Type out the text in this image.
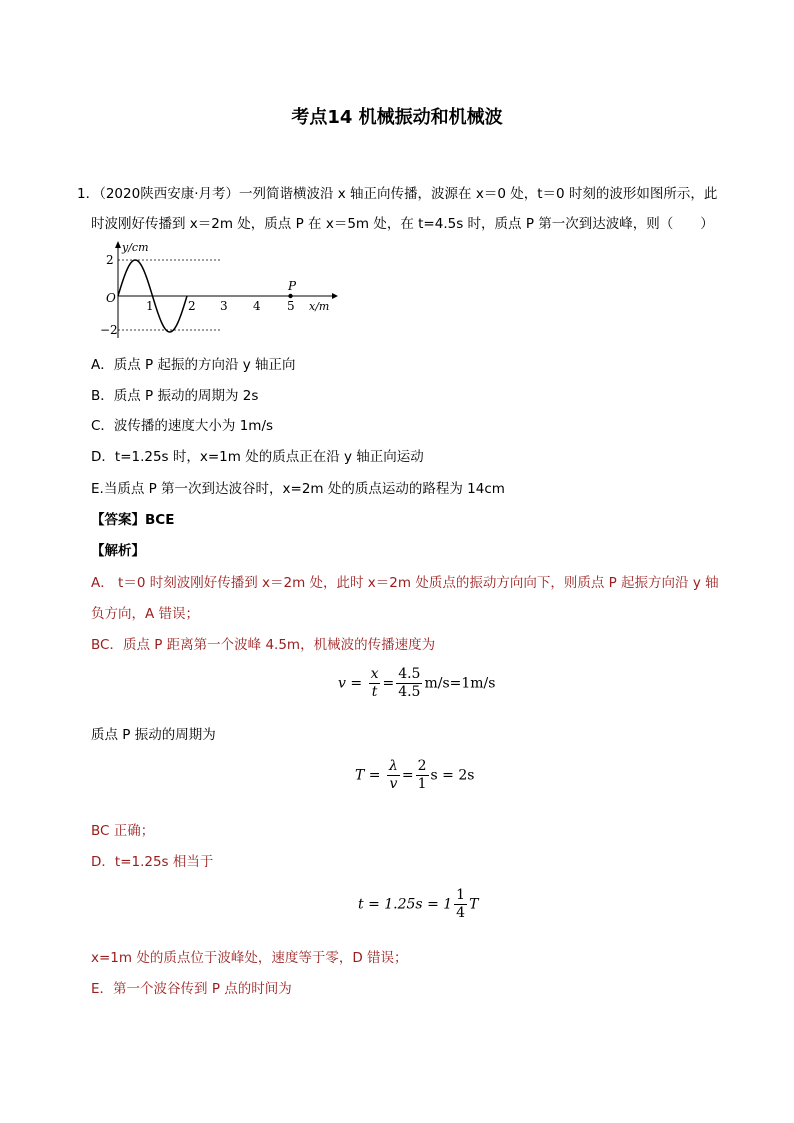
考点14 机械振动和机械波
1．（2020陕西安康·月考）一列简谐横波沿 x 轴正向传播，波源在 x＝0 处，t＝0 时刻的波形如图所示，此
时波刚好传播到 x＝2m 处，质点 P 在 x＝5m 处，在 t=4.5s 时，质点 P 第一次到达波峰，则（　　）
y/cm
x/m
O
2
−2
1	2 3 4 5
P
A．质点 P 起振的方向沿 y 轴正向
B．质点 P 振动的周期为 2s
C．波传播的速度大小为 1m/s
D．t=1.25s 时，x=1m 处的质点正在沿 y 轴正向运动
E.当质点 P 第一次到达波谷时，x=2m 处的质点运动的路程为 14cm
【答案】BCE
【解析】
A． t＝0 时刻波刚好传播到 x＝2m 处，此时 x＝2m 处质点的振动方向向下，则质点 P 起振方向沿 y 轴
负方向，A 错误；
BC．质点 P 距离第一个波峰 4.5m，机械波的传播速度为
$v = \frac{x}{t} = \frac{4.5}{4.5} m/s=1m/s$
质点 P 振动的周期为
$T = \frac{\lambda}{v} = \frac{2}{1}$ s = 2s
BC 正确；
D．t=1.25s 相当于
$t = 1.25s = 1 \frac{1}{4}$ T
x=1m 处的质点位于波峰处，速度等于零，D 错误；
E．第一个波谷传到 P 点的时间为
